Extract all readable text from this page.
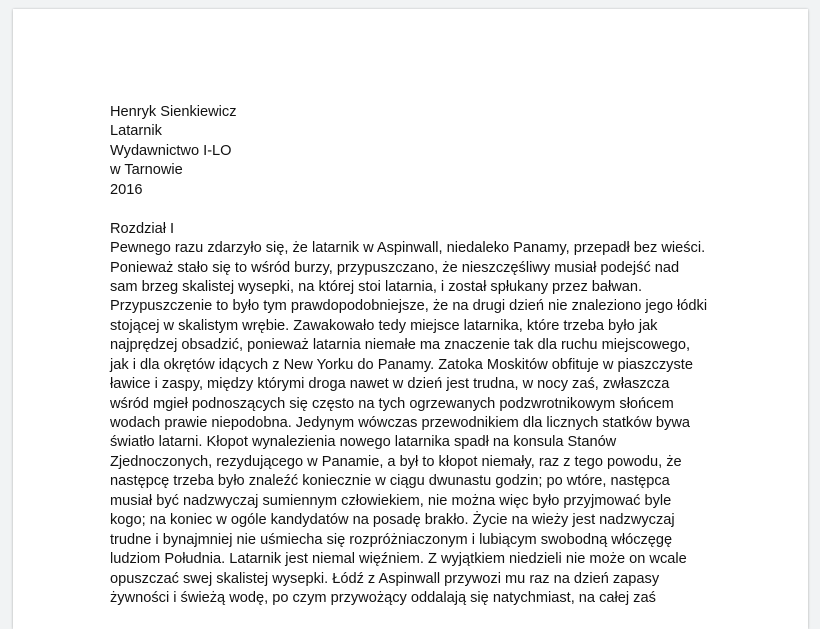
Henryk Sienkiewicz
Latarnik
Wydawnictwo I-LO
w Tarnowie
2016
Rozdział I
Pewnego razu zdarzyło się, że latarnik w Aspinwall, niedaleko Panamy, przepadł bez wieści.
Ponieważ stało się to wśród burzy, przypuszczano, że nieszczęśliwy musiał podejść nad
sam brzeg skalistej wysepki, na której stoi latarnia, i został spłukany przez bałwan.
Przypuszczenie to było tym prawdopodobniejsze, że na drugi dzień nie znaleziono jego łódki
stojącej w skalistym wrębie. Zawakowało tedy miejsce latarnika, które trzeba było jak
najprędzej obsadzić, ponieważ latarnia niemałe ma znaczenie tak dla ruchu miejscowego,
jak i dla okrętów idących z New Yorku do Panamy. Zatoka Moskitów obfituje w piaszczyste
ławice i zaspy, między którymi droga nawet w dzień jest trudna, w nocy zaś, zwłaszcza
wśród mgieł podnoszących się często na tych ogrzewanych podzwrotnikowym słońcem
wodach prawie niepodobna. Jedynym wówczas przewodnikiem dla licznych statków bywa
światło latarni. Kłopot wynalezienia nowego latarnika spadł na konsula Stanów
Zjednoczonych, rezydującego w Panamie, a był to kłopot niemały, raz z tego powodu, że
następcę trzeba było znaleźć koniecznie w ciągu dwunastu godzin; po wtóre, następca
musiał być nadzwyczaj sumiennym człowiekiem, nie można więc było przyjmować byle
kogo; na koniec w ogóle kandydatów na posadę brakło. Życie na wieży jest nadzwyczaj
trudne i bynajmniej nie uśmiecha się rozpróżniaczonym i lubiącym swobodną włóczęgę
ludziom Południa. Latarnik jest niemal więźniem. Z wyjątkiem niedzieli nie może on wcale
opuszczać swej skalistej wysepki. Łódź z Aspinwall przywozi mu raz na dzień zapasy
żywności i świeżą wodę, po czym przywożący oddalają się natychmiast, na całej zaś
